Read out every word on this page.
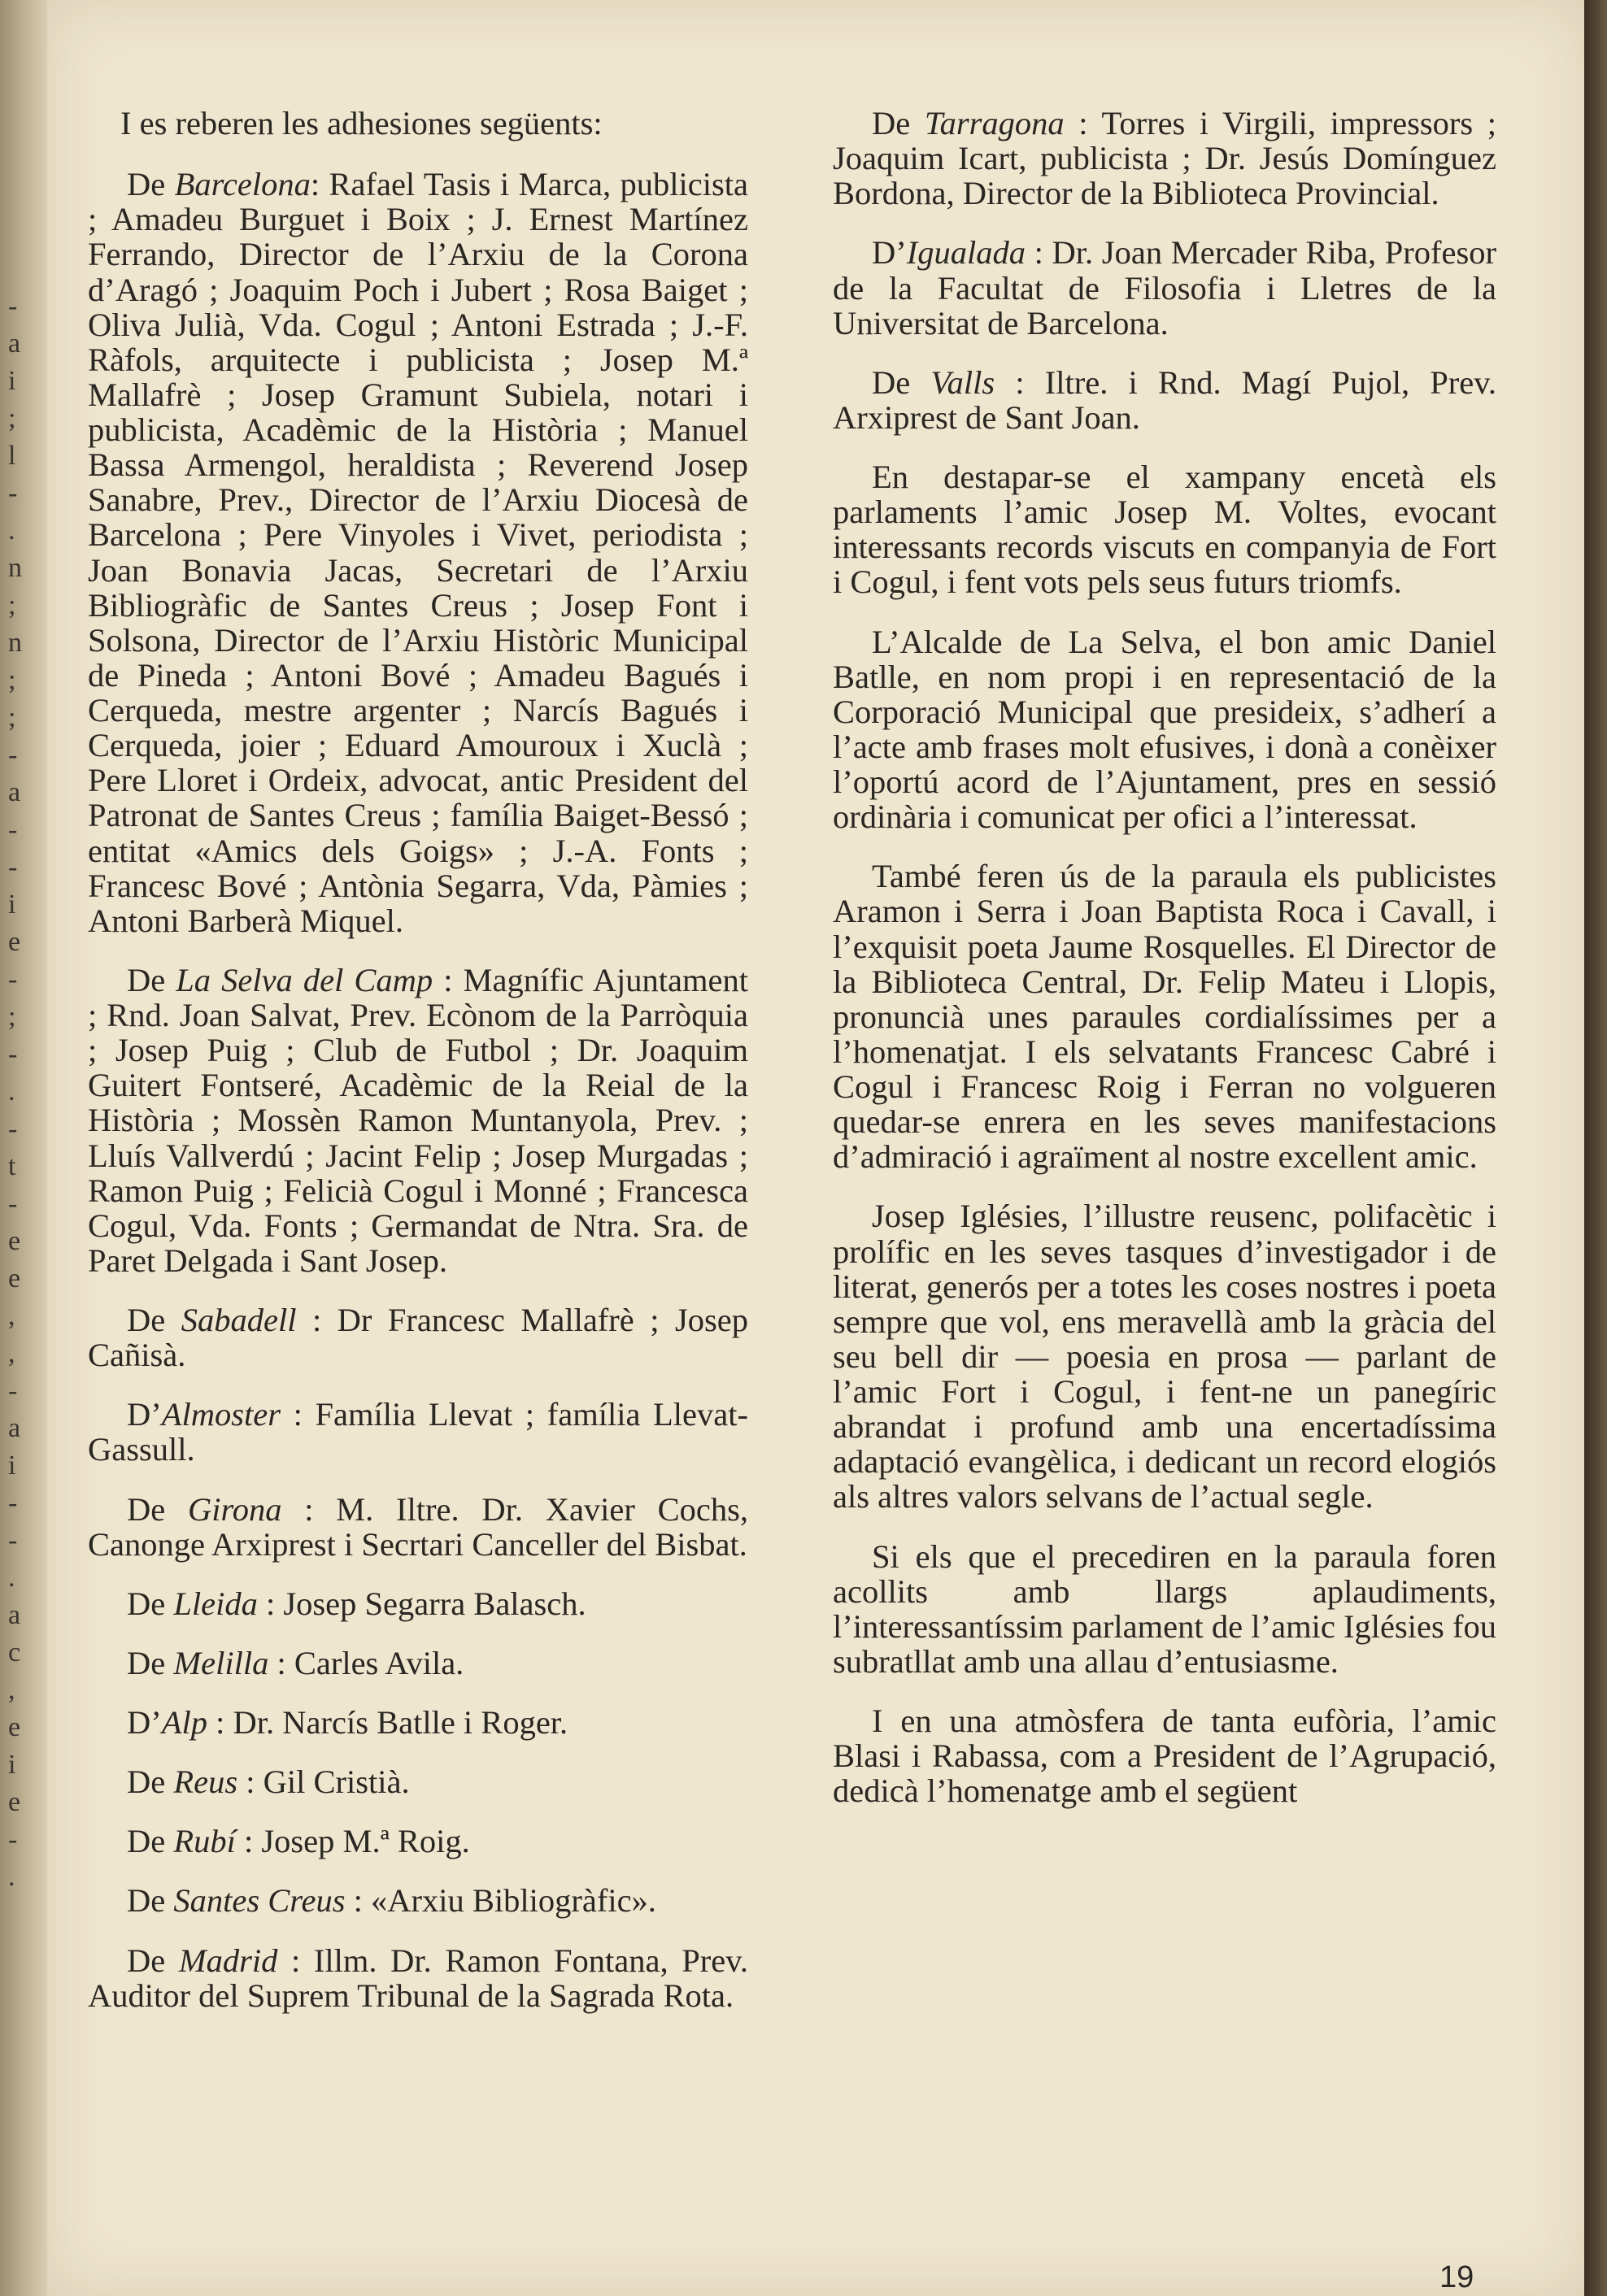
-
a
i
;
l
-
.
n
;
n
;
;
-
a
-
-
i
e
-
;
-
.
-
t
-
e
e
,
,
-
a
i
-
-
.
a
c
,
e
i
e
-
.

I es reberen les adhesiones següents:

De Barcelona: Rafael Tasis i Marca, publicista ; Amadeu Burguet i Boix ; J. Ernest Martínez Ferrando, Director de l’Arxiu de la Corona d’Aragó ; Joaquim Poch i Jubert ; Rosa Baiget ; Oliva Julià, Vda. Cogul ; Antoni Estrada ; J.-F. Ràfols, arquitecte i publicista ; Josep M.ª Mallafrè ; Josep Gramunt Subiela, notari i publicista, Acadèmic de la Història ; Manuel Bassa Armengol, heraldista ; Reverend Josep Sanabre, Prev., Director de l’Arxiu Diocesà de Barcelona ; Pere Vinyoles i Vivet, periodista ; Joan Bonavia Jacas, Secretari de l’Arxiu Bibliogràfic de Santes Creus ; Josep Font i Solsona, Director de l’Arxiu Històric Municipal de Pineda ; Antoni Bové ; Amadeu Bagués i Cerqueda, mestre argenter ; Narcís Bagués i Cerqueda, joier ; Eduard Amouroux i Xuclà ; Pere Lloret i Ordeix, advocat, antic President del Patronat de Santes Creus ; família Baiget-Bessó ; entitat «Amics dels Goigs» ; J.-A. Fonts ; Francesc Bové ; Antònia Segarra, Vda, Pàmies ; Antoni Barberà Miquel.

De La Selva del Camp : Magnífic Ajuntament ; Rnd. Joan Salvat, Prev. Ecònom de la Parròquia ; Josep Puig ; Club de Futbol ; Dr. Joaquim Guitert Fontseré, Acadèmic de la Reial de la Història ; Mossèn Ramon Muntanyola, Prev. ; Lluís Vallverdú ; Jacint Felip ; Josep Murgadas ; Ramon Puig ; Felicià Cogul i Monné ; Francesca Cogul, Vda. Fonts ; Germandat de Ntra. Sra. de Paret Delgada i Sant Josep.

De Sabadell : Dr Francesc Mallafrè ; Josep Cañisà.

D’Almoster : Família Llevat ; família Llevat-Gassull.

De Girona : M. Iltre. Dr. Xavier Cochs, Canonge Arxiprest i Secrtari Canceller del Bisbat.

De Lleida : Josep Segarra Balasch.

De Melilla : Carles Avila.

D’Alp : Dr. Narcís Batlle i Roger.

De Reus : Gil Cristià.

De Rubí : Josep M.ª Roig.

De Santes Creus : «Arxiu Bibliogràfic».

De Madrid : Illm. Dr. Ramon Fontana, Prev. Auditor del Suprem Tribunal de la Sagrada Rota.

De Tarragona : Torres i Virgili, impressors ; Joaquim Icart, publicista ; Dr. Jesús Domínguez Bordona, Director de la Biblioteca Provincial.

D’Igualada : Dr. Joan Mercader Riba, Profesor de la Facultat de Filosofia i Lletres de la Universitat de Barcelona.

De Valls : Iltre. i Rnd. Magí Pujol, Prev. Arxiprest de Sant Joan.

En destapar-se el xampany encetà els parlaments l’amic Josep M. Voltes, evocant interessants records viscuts en companyia de Fort i Cogul, i fent vots pels seus futurs triomfs.

L’Alcalde de La Selva, el bon amic Daniel Batlle, en nom propi i en representació de la Corporació Municipal que presideix, s’adherí a l’acte amb frases molt efusives, i donà a conèixer l’oportú acord de l’Ajuntament, pres en sessió ordinària i comunicat per ofici a l’interessat.

També feren ús de la paraula els publicistes Aramon i Serra i Joan Baptista Roca i Cavall, i l’exquisit poeta Jaume Rosquelles. El Director de la Biblioteca Central, Dr. Felip Mateu i Llopis, pronuncià unes paraules cordialíssimes per a l’homenatjat. I els selvatants Francesc Cabré i Cogul i Francesc Roig i Ferran no volgueren quedar-se enrera en les seves manifestacions d’admiració i agraïment al nostre excellent amic.

Josep Iglésies, l’illustre reusenc, polifacètic i prolífic en les seves tasques d’investigador i de literat, generós per a totes les coses nostres i poeta sempre que vol, ens meravellà amb la gràcia del seu bell dir — poesia en prosa — parlant de l’amic Fort i Cogul, i fent-ne un panegíric abrandat i profund amb una encertadíssima adaptació evangèlica, i dedicant un record elogiós als altres valors selvans de l’actual segle.

Si els que el precediren en la paraula foren acollits amb llargs aplaudiments, l’interessantíssim parlament de l’amic Iglésies fou subratllat amb una allau d’entusiasme.

I en una atmòsfera de tanta eufòria, l’amic Blasi i Rabassa, com a President de l’Agrupació, dedicà l’homenatge amb el següent

19
